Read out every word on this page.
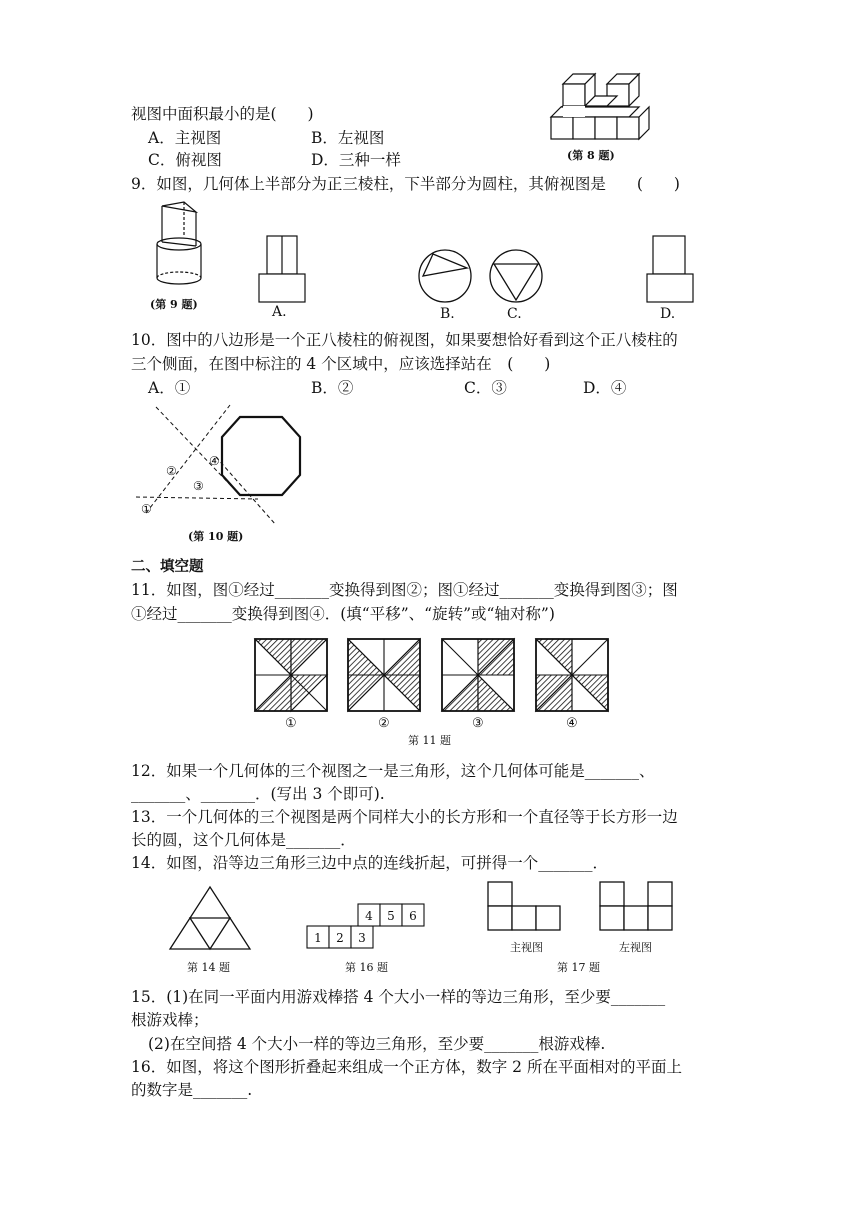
视图中面积最小的是(　　)
A．主视图	B．左视图
C．俯视图	D．三种一样	(第 8 题)
9．如图，几何体上半部分为正三棱柱，下半部分为圆柱，其俯视图是　　(　　)
(第 9 题)	A.	B.	C.	D.
10．图中的八边形是一个正八棱柱的俯视图，如果要想恰好看到这个正八棱柱的
三个侧面，在图中标注的 4 个区域中，应该选择站在　(　　)
A．①	B．②	C．③	D．④
④
②
③
①
(第 10 题)
二、填空题
11．如图，图①经过_______变换得到图②；图①经过_______变换得到图③；图
①经过_______变换得到图④．(填“平移”、“旋转”或“轴对称”)
①	②	③	④
第 11 题
12．如果一个几何体的三个视图之一是三角形，这个几何体可能是_______、
_______、_______．(写出 3 个即可).
13．一个几何体的三个视图是两个同样大小的长方形和一个直径等于长方形一边
长的圆，这个几何体是_______．
14．如图，沿等边三角形三边中点的连线折起，可拼得一个_______．
第 14 题
1 2 3
4 5 6
第 16 题
主视图	左视图
第 17 题
15．(1)在同一平面内用游戏棒搭 4 个大小一样的等边三角形，至少要_______
根游戏棒；
(2)在空间搭 4 个大小一样的等边三角形，至少要_______根游戏棒.
16．如图，将这个图形折叠起来组成一个正方体，数字 2 所在平面相对的平面上
的数字是_______.
